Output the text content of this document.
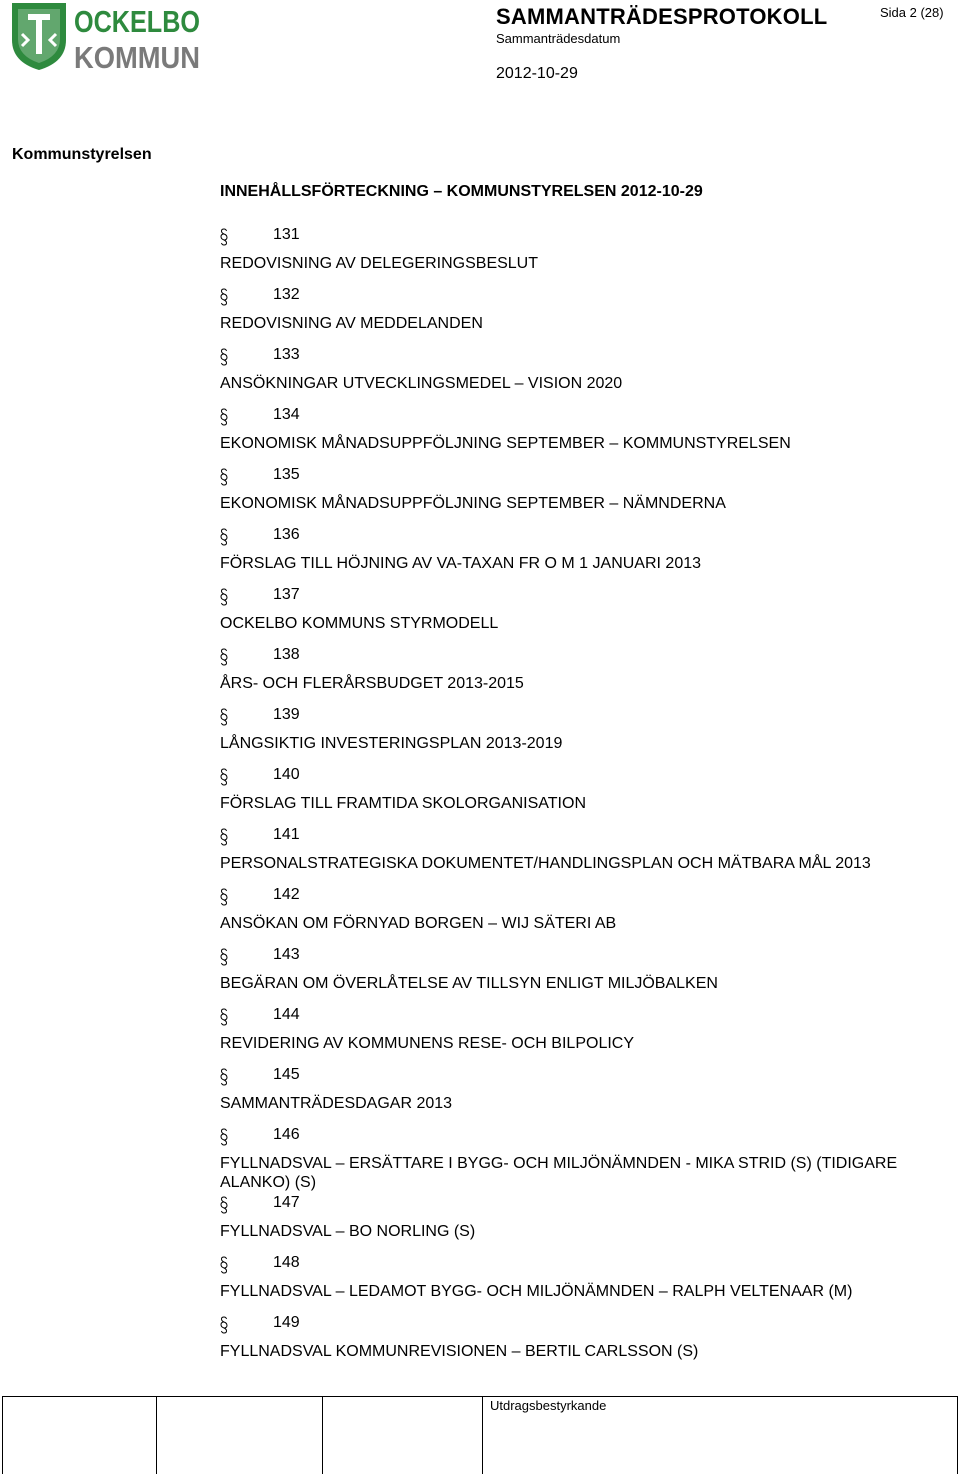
OCKELBO
KOMMUN
SAMMANTRÄDESPROTOKOLL
Sammanträdesdatum
2012-10-29
Sida 2 (28)
Kommunstyrelsen
INNEHÅLLSFÖRTECKNING – KOMMUNSTYRELSEN 2012-10-29
131
REDOVISNING AV DELEGERINGSBESLUT
132
REDOVISNING AV MEDDELANDEN
133
ANSÖKNINGAR UTVECKLINGSMEDEL – VISION 2020
134
EKONOMISK MÅNADSUPPFÖLJNING SEPTEMBER – KOMMUNSTYRELSEN
135
EKONOMISK MÅNADSUPPFÖLJNING SEPTEMBER – NÄMNDERNA
136
FÖRSLAG TILL HÖJNING AV VA-TAXAN FR O M 1 JANUARI 2013
137
OCKELBO KOMMUNS STYRMODELL
138
ÅRS- OCH FLERÅRSBUDGET 2013-2015
139
LÅNGSIKTIG INVESTERINGSPLAN 2013-2019
140
FÖRSLAG TILL FRAMTIDA SKOLORGANISATION
141
PERSONALSTRATEGISKA DOKUMENTET/HANDLINGSPLAN OCH MÄTBARA MÅL 2013
142
ANSÖKAN OM FÖRNYAD BORGEN – WIJ SÄTERI AB
143
BEGÄRAN OM ÖVERLÅTELSE AV TILLSYN ENLIGT MILJÖBALKEN
144
REVIDERING AV KOMMUNENS RESE- OCH BILPOLICY
145
SAMMANTRÄDESDAGAR 2013
146
FYLLNADSVAL – ERSÄTTARE I BYGG- OCH MILJÖNÄMNDEN - MIKA STRID (S) (TIDIGARE ALANKO) (S)
147
FYLLNADSVAL – BO NORLING (S)
148
FYLLNADSVAL – LEDAMOT BYGG- OCH MILJÖNÄMNDEN – RALPH VELTENAAR (M)
149
FYLLNADSVAL KOMMUNREVISIONEN – BERTIL CARLSSON (S)
Utdragsbestyrkande
